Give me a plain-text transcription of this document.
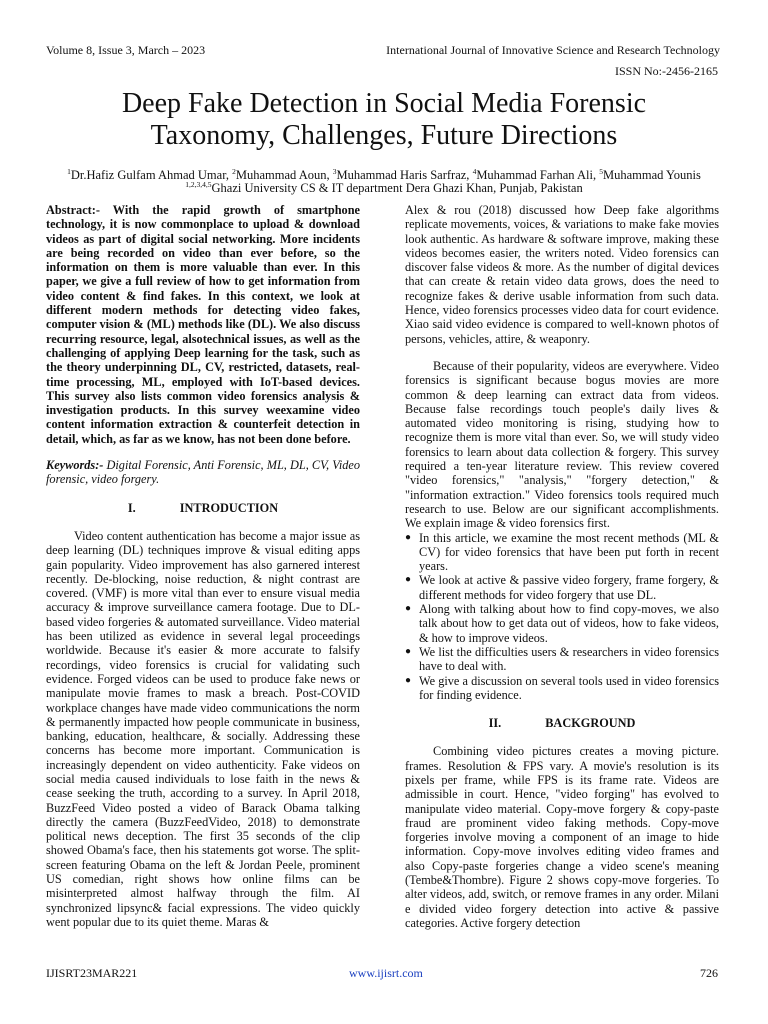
Volume 8, Issue 3, March – 2023	International Journal of Innovative Science and Research Technology
ISSN No:-2456-2165
Deep Fake Detection in Social Media Forensic
Taxonomy, Challenges, Future Directions
$^1$Dr.Hafiz Gulfam Ahmad Umar, $^2$Muhammad Aoun, $^3$Muhammad Haris Sarfraz, $^4$Muhammad Farhan Ali, $^5$Muhammad Younis
$^{1,2,3,4,5}$Ghazi University CS & IT department Dera Ghazi Khan, Punjab, Pakistan

Abstract:- With the rapid growth of smartphone technology, it is now commonplace to upload & download videos as part of digital social networking. More incidents are being recorded on video than ever before, so the information on them is more valuable than ever. In this paper, we give a full review of how to get information from video content & find fakes. In this context, we look at different modern methods for detecting video fakes, computer vision & (ML) methods like (DL). We also discuss recurring resource, legal, alsotechnical issues, as well as the challenging of applying Deep learning for the task, such as the theory underpinning DL, CV, restricted, datasets, real-time processing, ML, employed with IoT-based devices. This survey also lists common video forensics analysis & investigation products. In this survey weexamine video content information extraction & counterfeit detection in detail, which, as far as we know, has not been done before.

Keywords:- Digital Forensic, Anti Forensic, ML, DL, CV, Video forensic, video forgery.

I.	INTRODUCTION

Video content authentication has become a major issue as deep learning (DL) techniques improve & visual editing apps gain popularity. Video improvement has also garnered interest recently. De-blocking, noise reduction, & night contrast are covered. (VMF) is more vital than ever to ensure visual media accuracy & improve surveillance camera footage. Due to DL-based video forgeries & automated surveillance. Video material has been utilized as evidence in several legal proceedings worldwide. Because it's easier & more accurate to falsify recordings, video forensics is crucial for validating such evidence. Forged videos can be used to produce fake news or manipulate movie frames to mask a breach. Post-COVID workplace changes have made video communications the norm & permanently impacted how people communicate in business, banking, education, healthcare, & socially. Addressing these concerns has become more important. Communication is increasingly dependent on video authenticity. Fake videos on social media caused individuals to lose faith in the news & cease seeking the truth, according to a survey. In April 2018, BuzzFeed Video posted a video of Barack Obama talking directly the camera (BuzzFeedVideo, 2018) to demonstrate political news deception. The first 35 seconds of the clip showed Obama's face, then his statements got worse. The split-screen featuring Obama on the left & Jordan Peele, prominent US comedian, right shows how online films can be misinterpreted almost halfway through the film. AI synchronized lipsync& facial expressions. The video quickly went popular due to its quiet theme. Maras &

Alex & rou (2018) discussed how Deep fake algorithms replicate movements, voices, & variations to make fake movies look authentic. As hardware & software improve, making these videos becomes easier, the writers noted. Video forensics can discover false videos & more. As the number of digital devices that can create & retain video data grows, does the need to recognize fakes & derive usable information from such data. Hence, video forensics processes video data for court evidence. Xiao said video evidence is compared to well-known photos of persons, vehicles, attire, & weaponry.

Because of their popularity, videos are everywhere. Video forensics is significant because bogus movies are more common & deep learning can extract data from videos. Because false recordings touch people's daily lives & automated video monitoring is rising, studying how to recognize them is more vital than ever. So, we will study video forensics to learn about data collection & forgery. This survey required a ten-year literature review. This review covered "video forensics," "analysis," "forgery detection," & "information extraction." Video forensics tools required much research to use. Below are our significant accomplishments. We explain image & video forensics first.

● In this article, we examine the most recent methods (ML & CV) for video forensics that have been put forth in recent years.
● We look at active & passive video forgery, frame forgery, & different methods for video forgery that use DL.
● Along with talking about how to find copy-moves, we also talk about how to get data out of videos, how to fake videos, & how to improve videos.
● We list the difficulties users & researchers in video forensics have to deal with.
● We give a discussion on several tools used in video forensics for finding evidence.
II.	BACKGROUND

Combining video pictures creates a moving picture. frames. Resolution & FPS vary. A movie's resolution is its pixels per frame, while FPS is its frame rate. Videos are admissible in court. Hence, "video forging" has evolved to manipulate video material. Copy-move forgery & copy-paste fraud are prominent video faking methods. Copy-move forgeries involve moving a component of an image to hide information. Copy-move involves editing video frames and also Copy-paste forgeries change a video scene's meaning (Tembe&Thombre). Figure 2 shows copy-move forgeries. To alter videos, add, switch, or remove frames in any order. Milani e divided video forgery detection into active & passive categories. Active forgery detection

IJISRT23MAR221	www.ijisrt.com	726
